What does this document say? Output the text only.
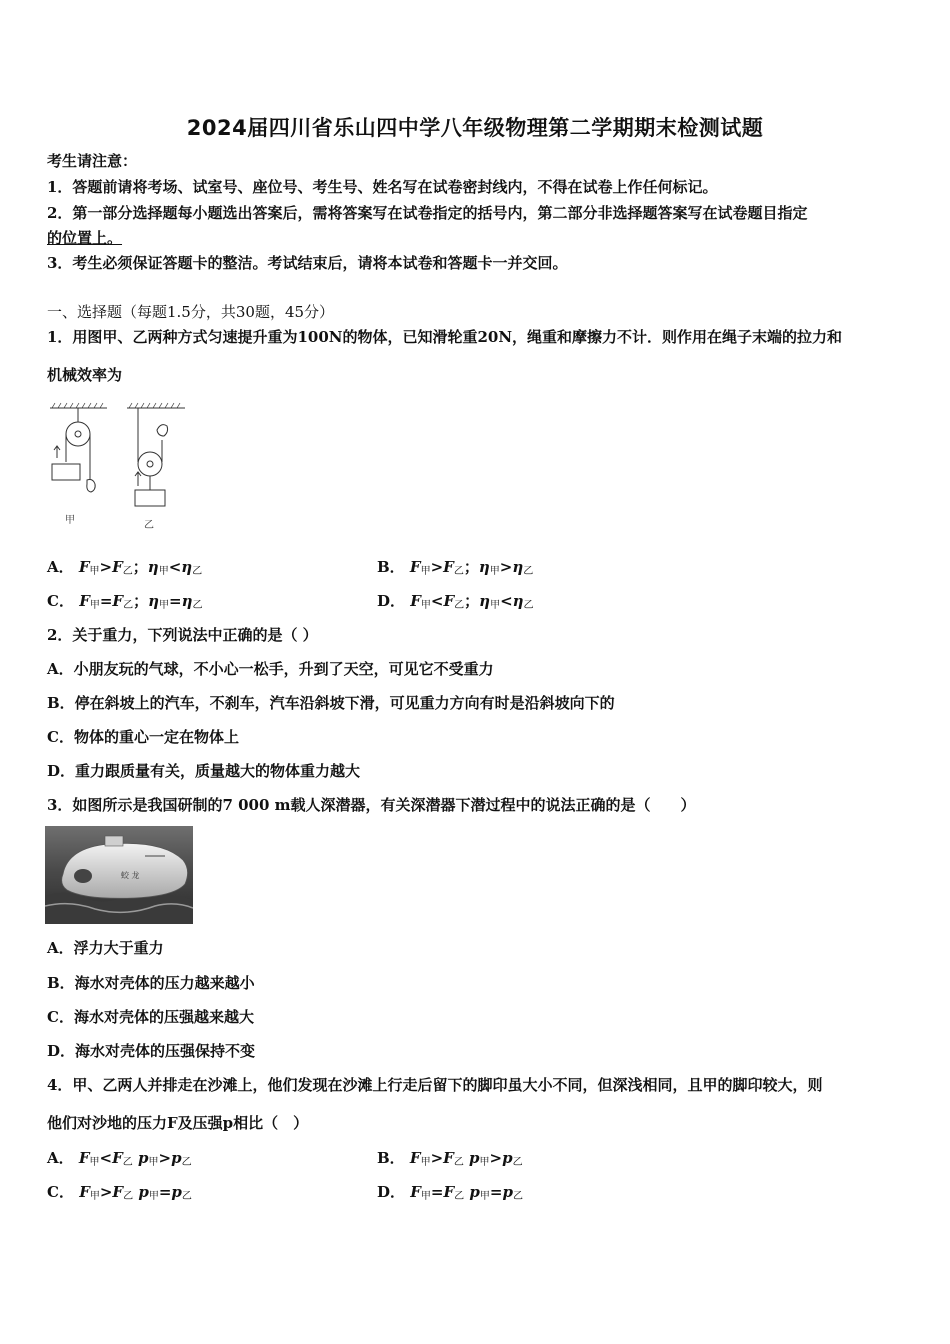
2024届四川省乐山四中学八年级物理第二学期期末检测试题
考生请注意：
1．答题前请将考场、试室号、座位号、考生号、姓名写在试卷密封线内，不得在试卷上作任何标记。
2．第一部分选择题每小题选出答案后，需将答案写在试卷指定的括号内，第二部分非选择题答案写在试卷题目指定
的位置上。
3．考生必须保证答题卡的整洁。考试结束后，请将本试卷和答题卡一并交回。
一、选择题（每题1.5分，共30题，45分）
1．用图甲、乙两种方式匀速提升重为100N的物体，已知滑轮重20N，绳重和摩擦力不计．则作用在绳子末端的拉力和
机械效率为
甲	乙
A． $F_甲>F_乙$；$\eta_甲<\eta_乙$	B． $F_甲>F_乙$；$\eta_甲>\eta_乙$
C． $F_甲=F_乙$；$\eta_甲=\eta_乙$	D． $F_甲<F_乙$；$\eta_甲<\eta_乙$
2．关于重力，下列说法中正确的是（ ）
A．小朋友玩的气球，不小心一松手，升到了天空，可见它不受重力
B．停在斜坡上的汽车，不刹车，汽车沿斜坡下滑，可见重力方向有时是沿斜坡向下的
C．物体的重心一定在物体上
D．重力跟质量有关，质量越大的物体重力越大
3．如图所示是我国研制的7 000 m载人深潜器，有关深潜器下潜过程中的说法正确的是（　　）
蛟 龙
A．浮力大于重力
B．海水对壳体的压力越来越小
C．海水对壳体的压强越来越大
D．海水对壳体的压强保持不变
4．甲、乙两人并排走在沙滩上，他们发现在沙滩上行走后留下的脚印虽大小不同，但深浅相同，且甲的脚印较大，则
他们对沙地的压力F及压强p相比（　）
A． $F_甲<F_乙$ $p_甲>p_乙$	B． $F_甲>F_乙$ $p_甲>p_乙$
C． $F_甲>F_乙$ $p_甲=p_乙$	D． $F_甲=F_乙$ $p_甲=p_乙$
